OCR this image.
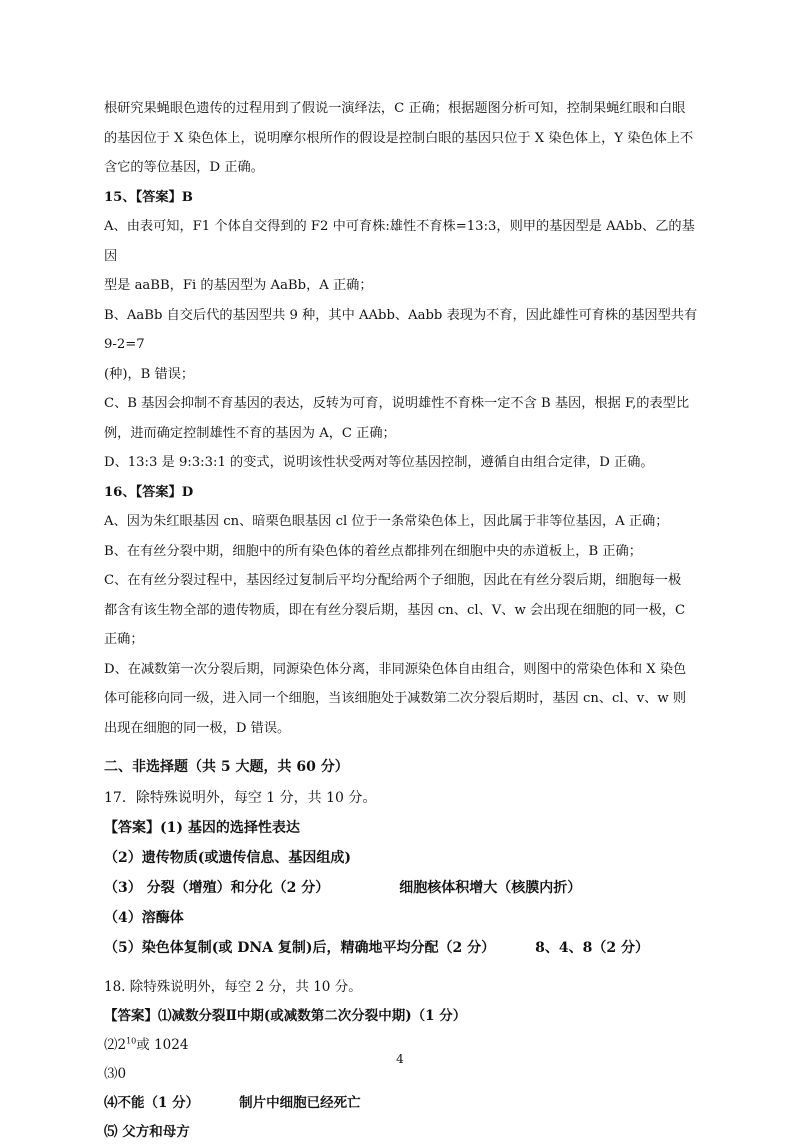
根研究果蝇眼色遗传的过程用到了假说一演绎法，C 正确；根据题图分析可知，控制果蝇红眼和白眼

的基因位于 X 染色体上，说明摩尔根所作的假设是控制白眼的基因只位于 X 染色体上，Y 染色体上不

含它的等位基因，D 正确。

15、【答案】B

A、由表可知，F1 个体自交得到的 F2 中可育株:雄性不育株=13:3，则甲的基因型是 AAbb、乙的基因

型是 aaBB，Fi 的基因型为 AaBb，A 正确；

B、AaBb 自交后代的基因型共 9 种，其中 AAbb、Aabb 表现为不育，因此雄性可育株的基因型共有 9-2=7

(种)，B 错误；

C、B 基因会抑制不育基因的表达，反转为可育，说明雄性不育株一定不含 B 基因，根据 F,的表型比

例，进而确定控制雄性不育的基因为 A，C 正确；

D、13:3 是 9:3:3:1 的变式，说明该性状受两对等位基因控制，遵循自由组合定律，D 正确。

16、【答案】D

A、因为朱红眼基因 cn、暗栗色眼基因 cl 位于一条常染色体上，因此属于非等位基因，A 正确；

B、在有丝分裂中期，细胞中的所有染色体的着丝点都排列在细胞中央的赤道板上，B 正确；

C、在有丝分裂过程中，基因经过复制后平均分配给两个子细胞，因此在有丝分裂后期，细胞每一极

都含有该生物全部的遗传物质，即在有丝分裂后期，基因 cn、cl、V、w 会出现在细胞的同一极，C

正确；

D、在减数第一次分裂后期，同源染色体分离，非同源染色体自由组合，则图中的常染色体和 X 染色

体可能移向同一级，进入同一个细胞，当该细胞处于减数第二次分裂后期时，基因 cn、cl、v、w 则

出现在细胞的同一极，D 错误。

二、非选择题（共 5 大题，共 60 分）

17．除特殊说明外，每空 1 分，共 10 分。

【答案】(1) 基因的选择性表达

（2）遗传物质(或遗传信息、基因组成)

（3） 分裂（增殖）和分化（2 分）	细胞核体积增大（核膜内折）

（4）溶酶体

（5）染色体复制(或 DNA 复制)后，精确地平均分配（2 分）	8、4、8（2 分）

18. 除特殊说明外，每空 2 分，共 10 分。

【答案】⑴减数分裂Ⅱ中期(或减数第二次分裂中期)（1 分）

$⑵2^{10}$或 1024

⑶0

⑷不能（1 分）	制片中细胞已经死亡

⑸ 父方和母方

4
